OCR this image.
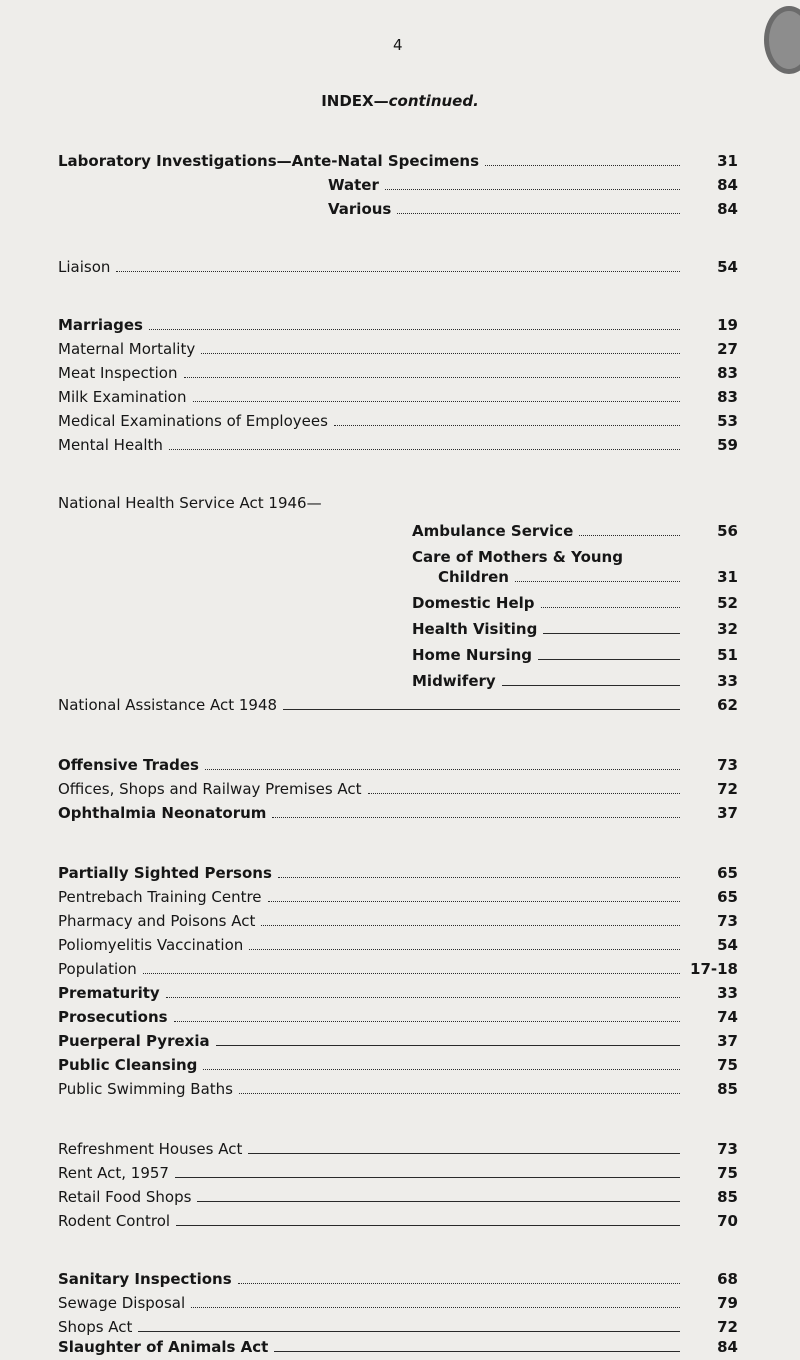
4
INDEX—continued.
Laboratory Investigations—Ante-Natal Specimens	31
Water	84
Various	84
Liaison	54
Marriages	19
Maternal Mortality	27
Meat Inspection	83
Milk Examination	83
Medical Examinations of Employees	53
Mental Health	59
National Health Service Act 1946—
Ambulance Service	56
Care of Mothers & Young
Children	31
Domestic Help	52
Health Visiting	32
Home Nursing	51
Midwifery	33
National Assistance Act 1948	62
Offensive Trades	73
Offices, Shops and Railway Premises Act	72
Ophthalmia Neonatorum	37
Partially Sighted Persons	65
Pentrebach Training Centre	65
Pharmacy and Poisons Act	73
Poliomyelitis Vaccination	54
Population	17-18
Prematurity	33
Prosecutions	74
Puerperal Pyrexia	37
Public Cleansing	75
Public Swimming Baths	85
Refreshment Houses Act	73
Rent Act, 1957	75
Retail Food Shops	85
Rodent Control	70
Sanitary Inspections	68
Sewage Disposal	79
Shops Act	72
Slaughter of Animals Act	84
